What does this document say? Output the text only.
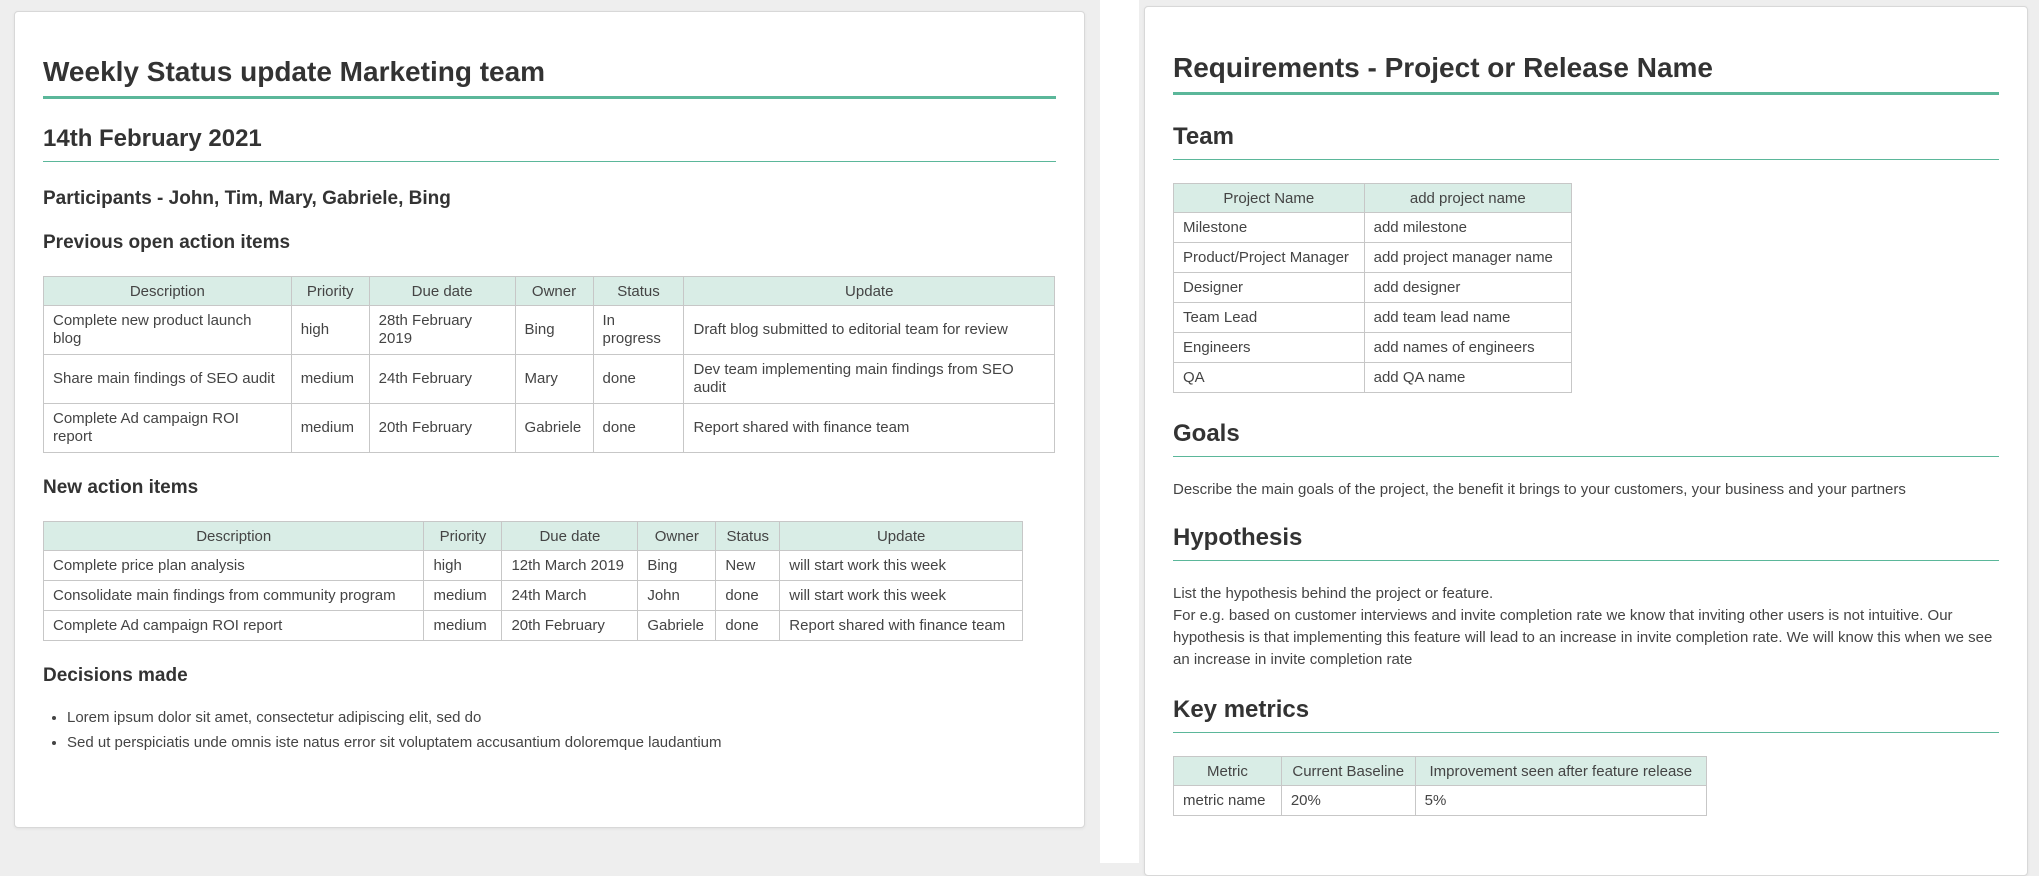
Weekly Status update Marketing team
14th February 2021
Participants - John, Tim, Mary, Gabriele, Bing
Previous open action items
Description	Priority	Due date	Owner	Status	Update
Complete new product launch blog	high	28th February 2019	Bing	In progress	Draft blog submitted to editorial team for review
Share main findings of SEO audit	medium	24th February	Mary	done	Dev team implementing main findings from SEO audit
Complete Ad campaign ROI report	medium	20th February	Gabriele	done	Report shared with finance team
New action items
Description	Priority	Due date	Owner	Status	Update
Complete price plan analysis	high	12th March 2019	Bing	New	will start work this week
Consolidate main findings from community program	medium	24th March	John	done	will start work this week
Complete Ad campaign ROI report	medium	20th February	Gabriele	done	Report shared with finance team
Decisions made
• Lorem ipsum dolor sit amet, consectetur adipiscing elit, sed do
• Sed ut perspiciatis unde omnis iste natus error sit voluptatem accusantium doloremque laudantium
Requirements - Project or Release Name
Team
Project Name	add project name
Milestone	add milestone
Product/Project Manager	add project manager name
Designer	add designer
Team Lead	add team lead name
Engineers	add names of engineers
QA	add QA name
Goals

Describe the main goals of the project, the benefit it brings to your customers, your business and your partners

Hypothesis

List the hypothesis behind the project or feature.

For e.g. based on customer interviews and invite completion rate we know that inviting other users is not intuitive. Our hypothesis is that implementing this feature will lead to an increase in invite completion rate. We will know this when we see an increase in invite completion rate

Key metrics
Metric	Current Baseline	Improvement seen after feature release
metric name	20%	5%
